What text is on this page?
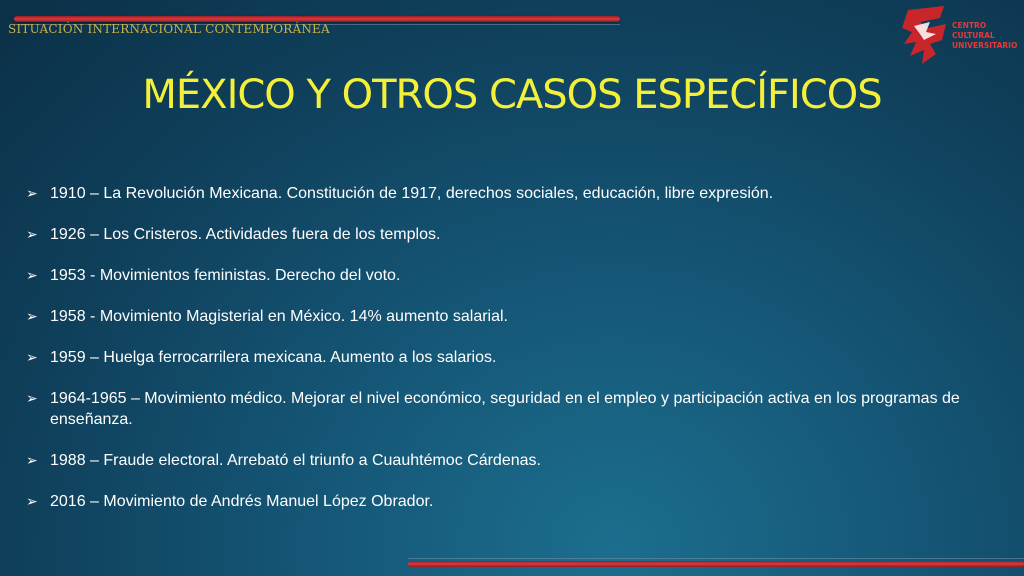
SITUACIÓN INTERNACIONAL CONTEMPORÁNEA	CENTRO
CULTURAL
UNIVERSITARIO
MÉXICO Y OTROS CASOS ESPECÍFICOS
➢ 1910 – La Revolución Mexicana. Constitución de 1917, derechos sociales, educación, libre expresión.
➢ 1926 – Los Cristeros. Actividades fuera de los templos.
➢ 1953 - Movimientos feministas. Derecho del voto.
➢ 1958 - Movimiento Magisterial en México. 14% aumento salarial.
➢ 1959 – Huelga ferrocarrilera mexicana. Aumento a los salarios.
➢ 1964-1965 – Movimiento médico. Mejorar el nivel económico, seguridad en el empleo y participación activa en los programas de enseñanza.
➢ 1988 – Fraude electoral. Arrebató el triunfo a Cuauhtémoc Cárdenas.
➢ 2016 – Movimiento de Andrés Manuel López Obrador.
